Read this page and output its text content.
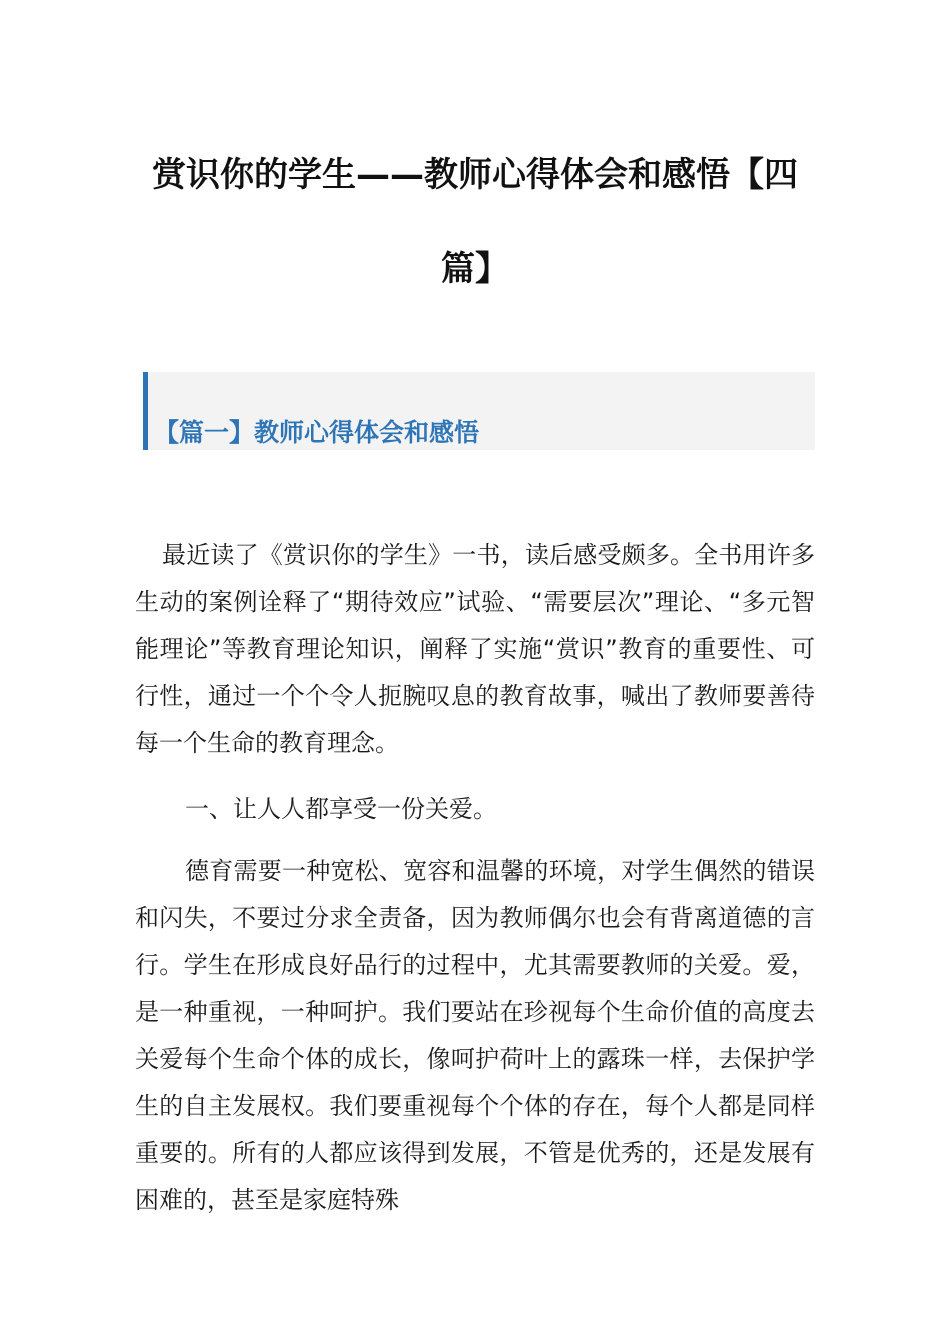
赏识你的学生——教师心得体会和感悟【四篇】
【篇一】教师心得体会和感悟

最近读了《赏识你的学生》一书，读后感受颇多。全书用许多生动的案例诠释了“期待效应”试验、“需要层次”理论、“多元智能理论”等教育理论知识，阐释了实施“赏识”教育的重要性、可行性，通过一个个令人扼腕叹息的教育故事，喊出了教师要善待每一个生命的教育理念。

一、让人人都享受一份关爱。

德育需要一种宽松、宽容和温馨的环境，对学生偶然的错误和闪失，不要过分求全责备，因为教师偶尔也会有背离道德的言行。学生在形成良好品行的过程中，尤其需要教师的关爱。爱，是一种重视，一种呵护。我们要站在珍视每个生命价值的高度去关爱每个生命个体的成长，像呵护荷叶上的露珠一样，去保护学生的自主发展权。我们要重视每个个体的存在，每个人都是同样重要的。所有的人都应该得到发展，不管是优秀的，还是发展有困难的，甚至是家庭特殊
